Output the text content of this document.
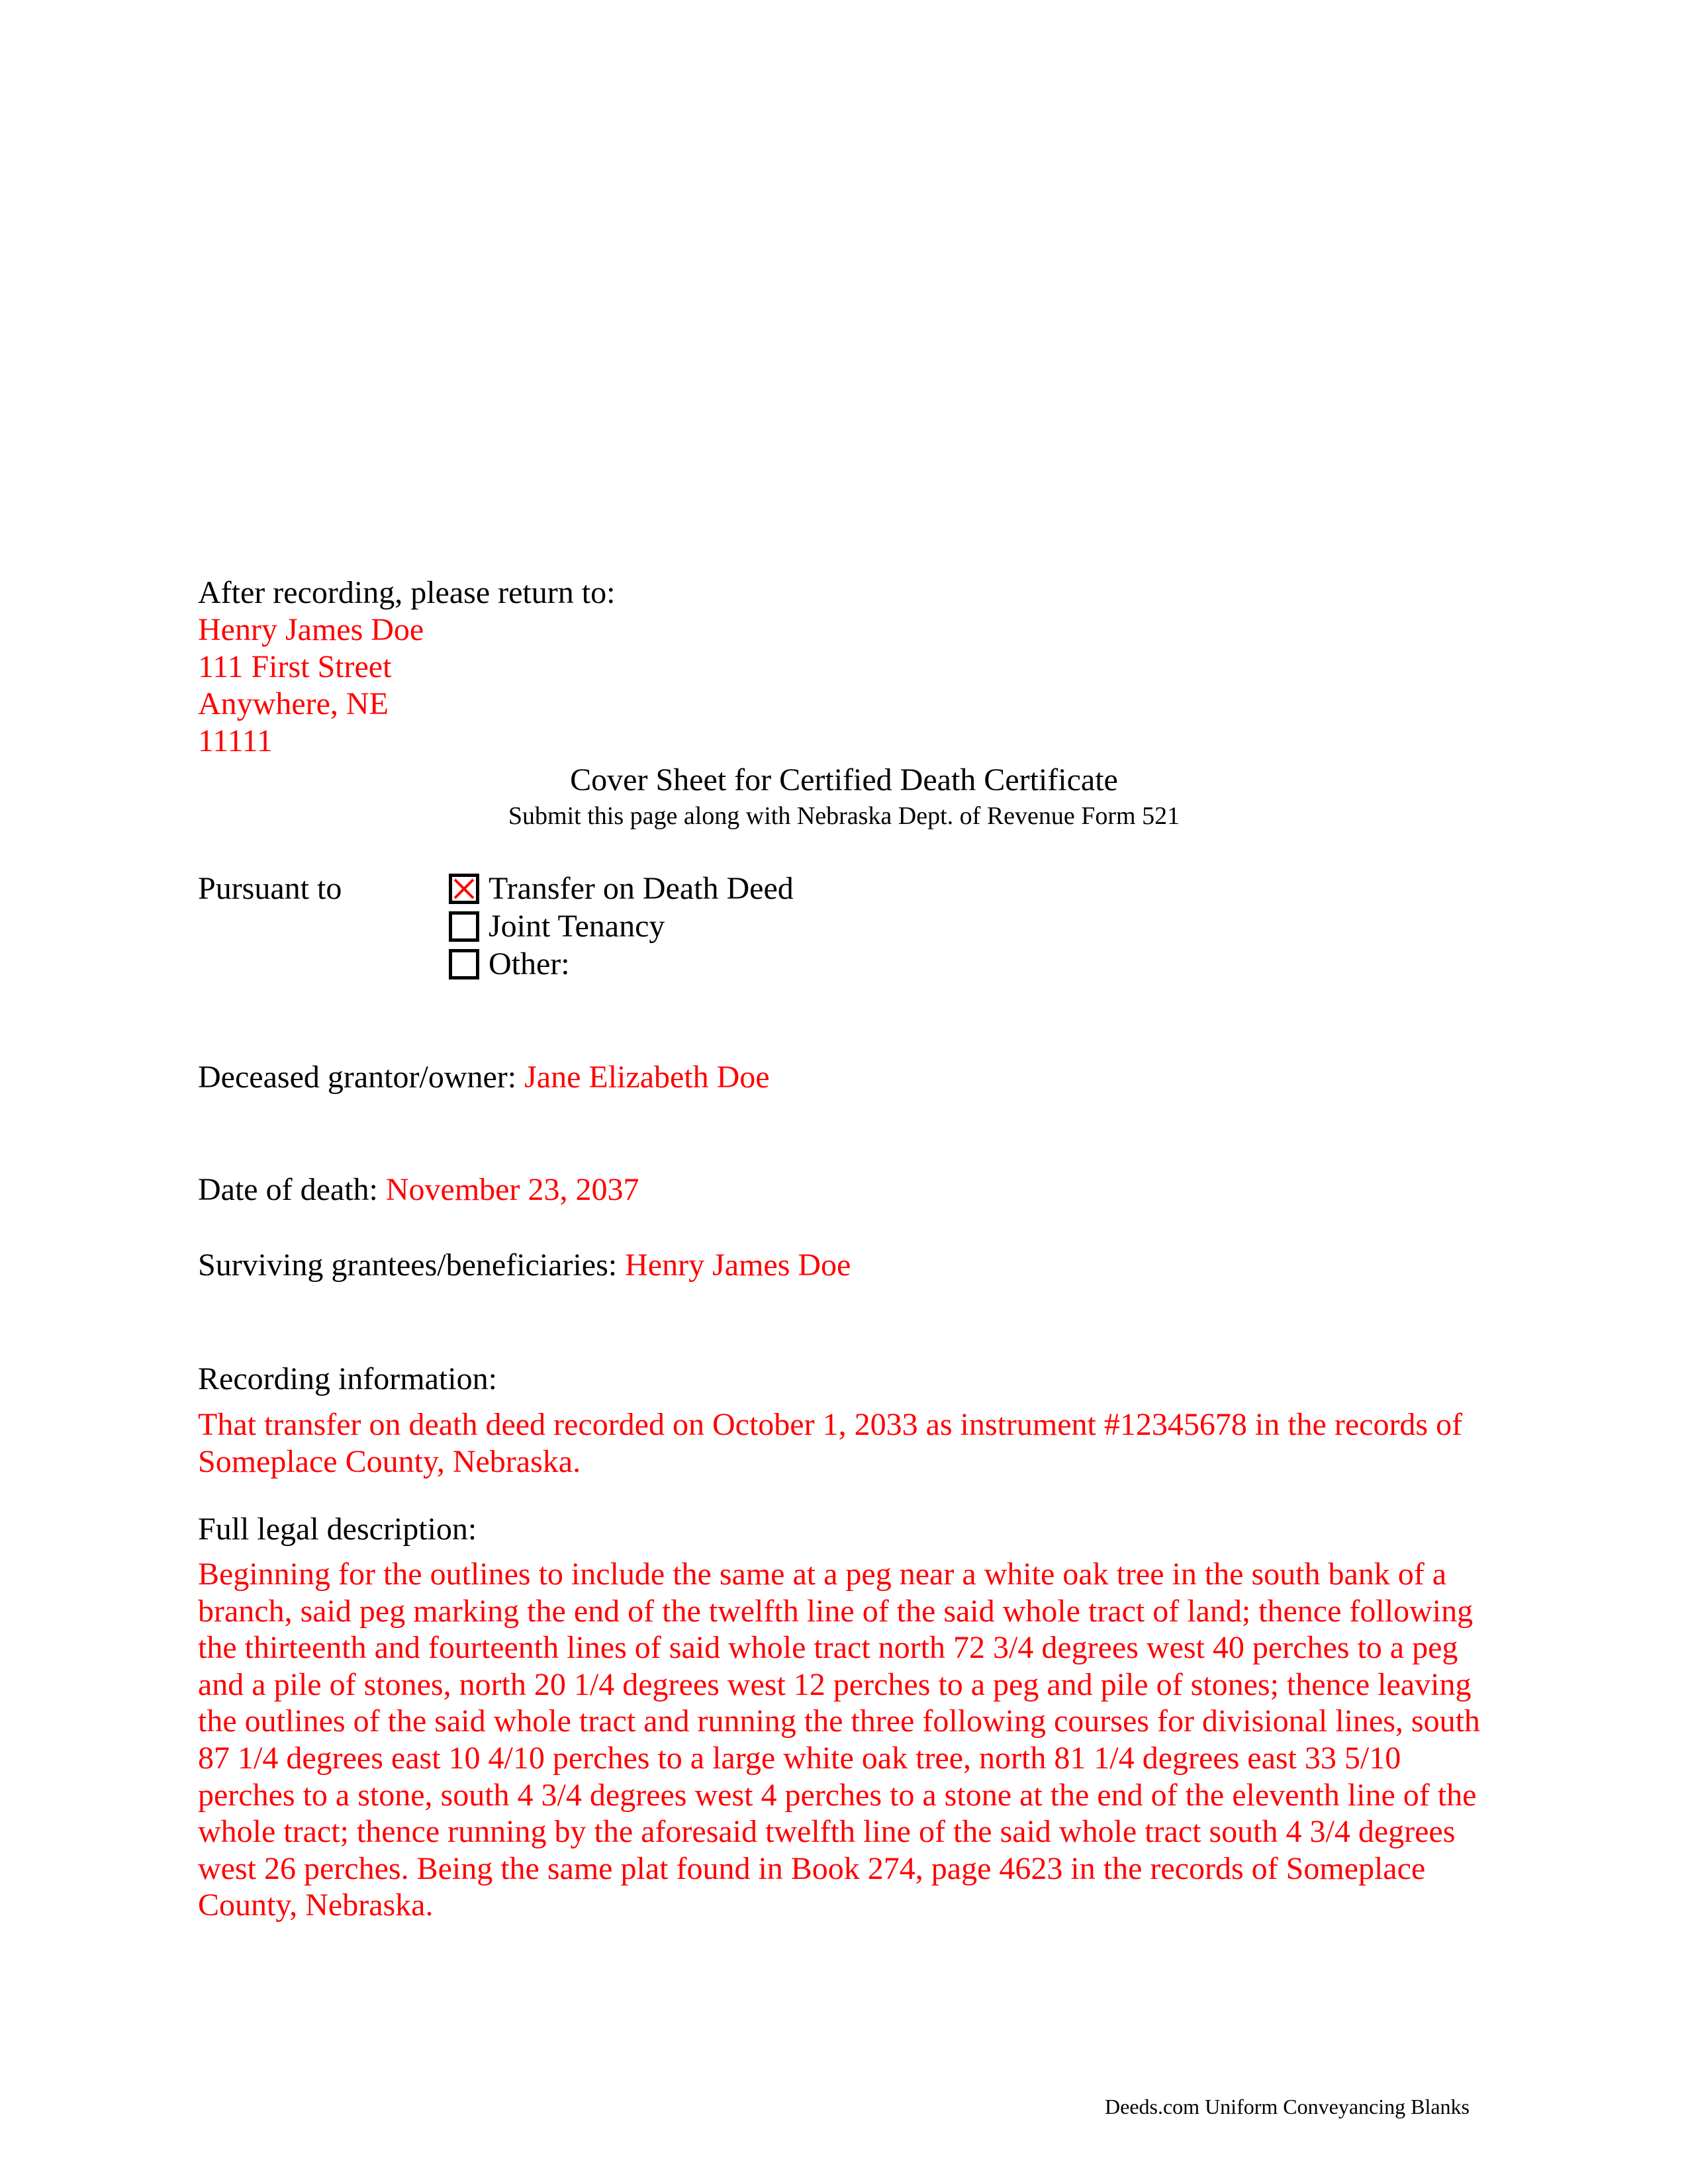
After recording, please return to:
Henry James Doe
111 First Street
Anywhere, NE
11111
Cover Sheet for Certified Death Certificate
Submit this page along with Nebraska Dept. of Revenue Form 521
Pursuant to	Transfer on Death Deed
Joint Tenancy
Other:
Deceased grantor/owner: Jane Elizabeth Doe
Date of death: November 23, 2037
Surviving grantees/beneficiaries: Henry James Doe
Recording information:
That transfer on death deed recorded on October 1, 2033 as instrument #12345678 in the records of Someplace County, Nebraska.
Full legal description:
Beginning for the outlines to include the same at a peg near a white oak tree in the south bank of a branch, said peg marking the end of the twelfth line of the said whole tract of land; thence following the thirteenth and fourteenth lines of said whole tract north 72 3/4 degrees west 40 perches to a peg and a pile of stones, north 20 1/4 degrees west 12 perches to a peg and pile of stones; thence leaving the outlines of the said whole tract and running the three following courses for divisional lines, south 87 1/4 degrees east 10 4/10 perches to a large white oak tree, north 81 1/4 degrees east 33 5/10 perches to a stone, south 4 3/4 degrees west 4 perches to a stone at the end of the eleventh line of the whole tract; thence running by the aforesaid twelfth line of the said whole tract south 4 3/4 degrees west 26 perches. Being the same plat found in Book 274, page 4623 in the records of Someplace County, Nebraska.
Deeds.com Uniform Conveyancing Blanks
